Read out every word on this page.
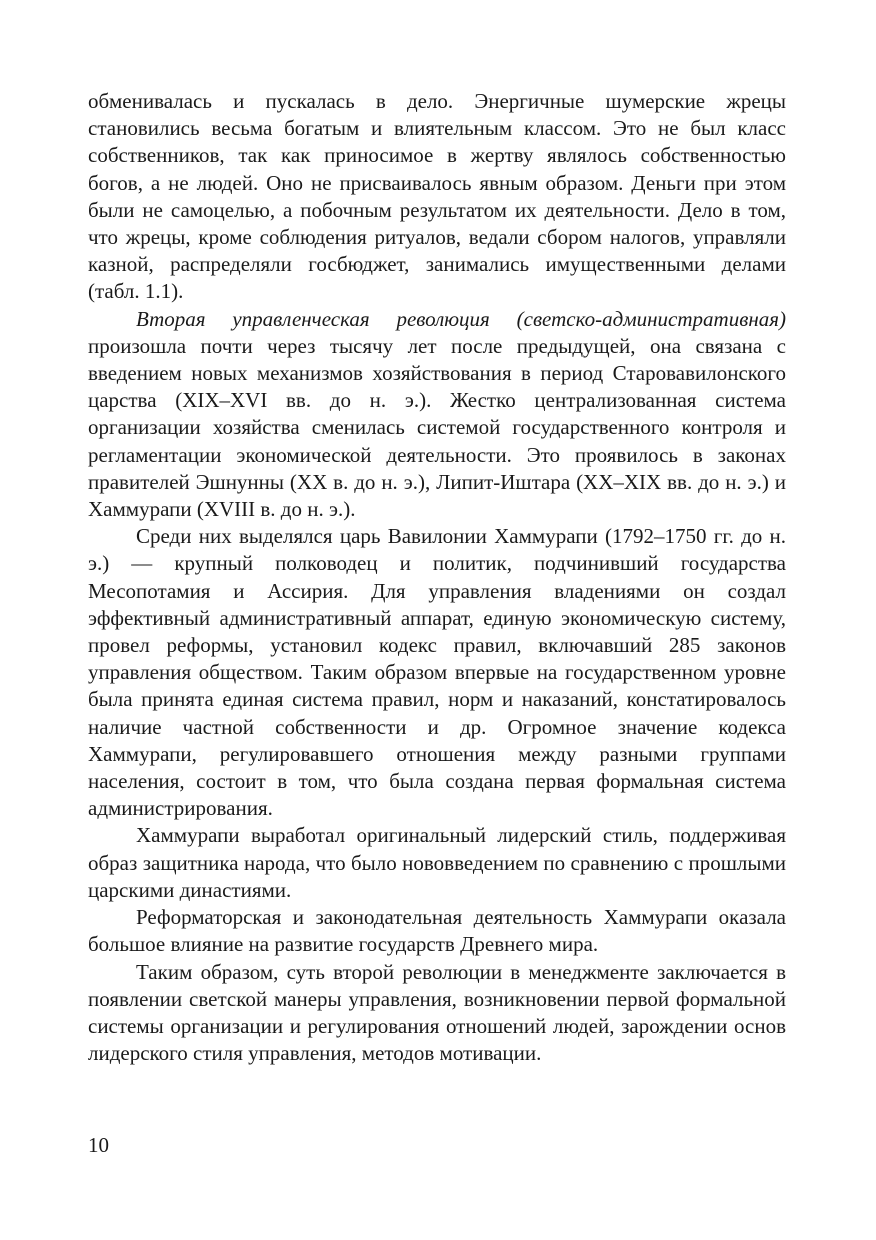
обменивалась и пускалась в дело. Энергичные шумерские жрецы становились весьма богатым и влиятельным классом. Это не был класс собственников, так как приносимое в жертву являлось собственностью богов, а не людей. Оно не присваивалось явным образом. Деньги при этом были не самоцелью, а побочным результатом их деятельности. Дело в том, что жрецы, кроме соблюдения ритуалов, ведали сбором налогов, управляли казной, распределяли госбюджет, занимались имущественными делами (табл. 1.1).

Вторая управленческая революция (светско-административная) произошла почти через тысячу лет после предыдущей, она связана с введением новых механизмов хозяйствования в период Старовавилонского царства (XIX–XVI вв. до н. э.). Жестко централизованная система организации хозяйства сменилась системой государственного контроля и регламентации экономической деятельности. Это проявилось в законах правителей Эшнунны (XX в. до н. э.), Липит-Иштара (XX–XIX вв. до н. э.) и Хаммурапи (XVIII в. до н. э.).

Среди них выделялся царь Вавилонии Хаммурапи (1792–1750 гг. до н. э.) — крупный полководец и политик, подчинивший государства Месопотамия и Ассирия. Для управления владениями он создал эффективный административный аппарат, единую экономическую систему, провел реформы, установил кодекс правил, включавший 285 законов управления обществом. Таким образом впервые на государственном уровне была принята единая система правил, норм и наказаний, констатировалось наличие частной собственности и др. Огромное значение кодекса Хаммурапи, регулировавшего отношения между разными группами населения, состоит в том, что была создана первая формальная система администрирования.

Хаммурапи выработал оригинальный лидерский стиль, поддерживая образ защитника народа, что было нововведением по сравнению с прошлыми царскими династиями.

Реформаторская и законодательная деятельность Хаммурапи оказала большое влияние на развитие государств Древнего мира.

Таким образом, суть второй революции в менеджменте заключается в появлении светской манеры управления, возникновении первой формальной системы организации и регулирования отношений людей, зарождении основ лидерского стиля управления, методов мотивации.

10
